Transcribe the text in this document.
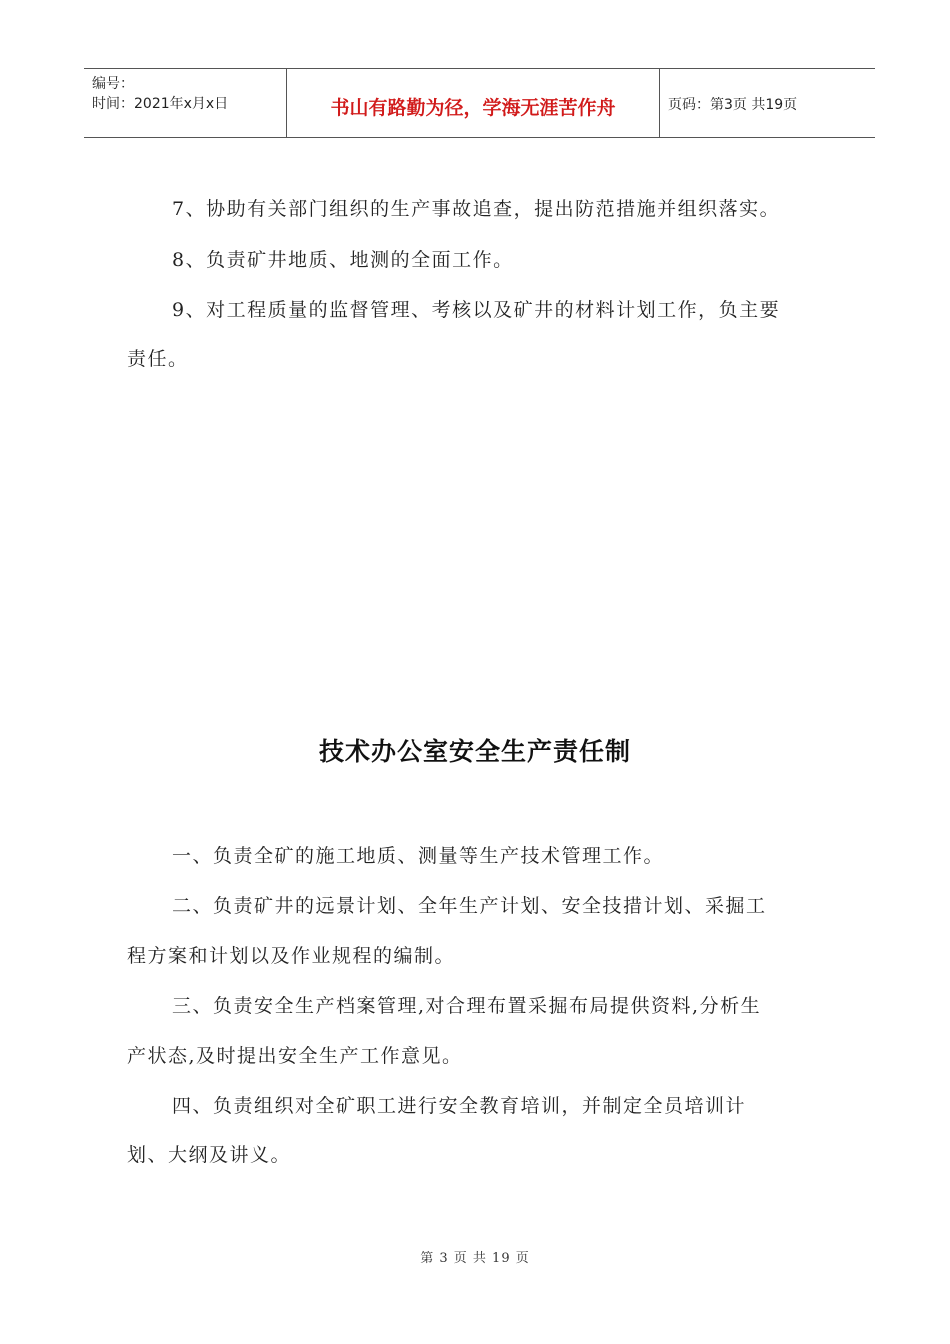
编号：
时间：2021年x月x日	书山有路勤为径，学海无涯苦作舟	页码：第3页 共19页
7、协助有关部门组织的生产事故追查，提出防范措施并组织落实。
8、负责矿井地质、地测的全面工作。
9、对工程质量的监督管理、考核以及矿井的材料计划工作，负主要
责任。
技术办公室安全生产责任制
一、负责全矿的施工地质、测量等生产技术管理工作。
二、负责矿井的远景计划、全年生产计划、安全技措计划、采掘工
程方案和计划以及作业规程的编制。
三、负责安全生产档案管理,对合理布置采掘布局提供资料,分析生
产状态,及时提出安全生产工作意见。
四、负责组织对全矿职工进行安全教育培训，并制定全员培训计
划、大纲及讲义。
第 3 页 共 19 页
